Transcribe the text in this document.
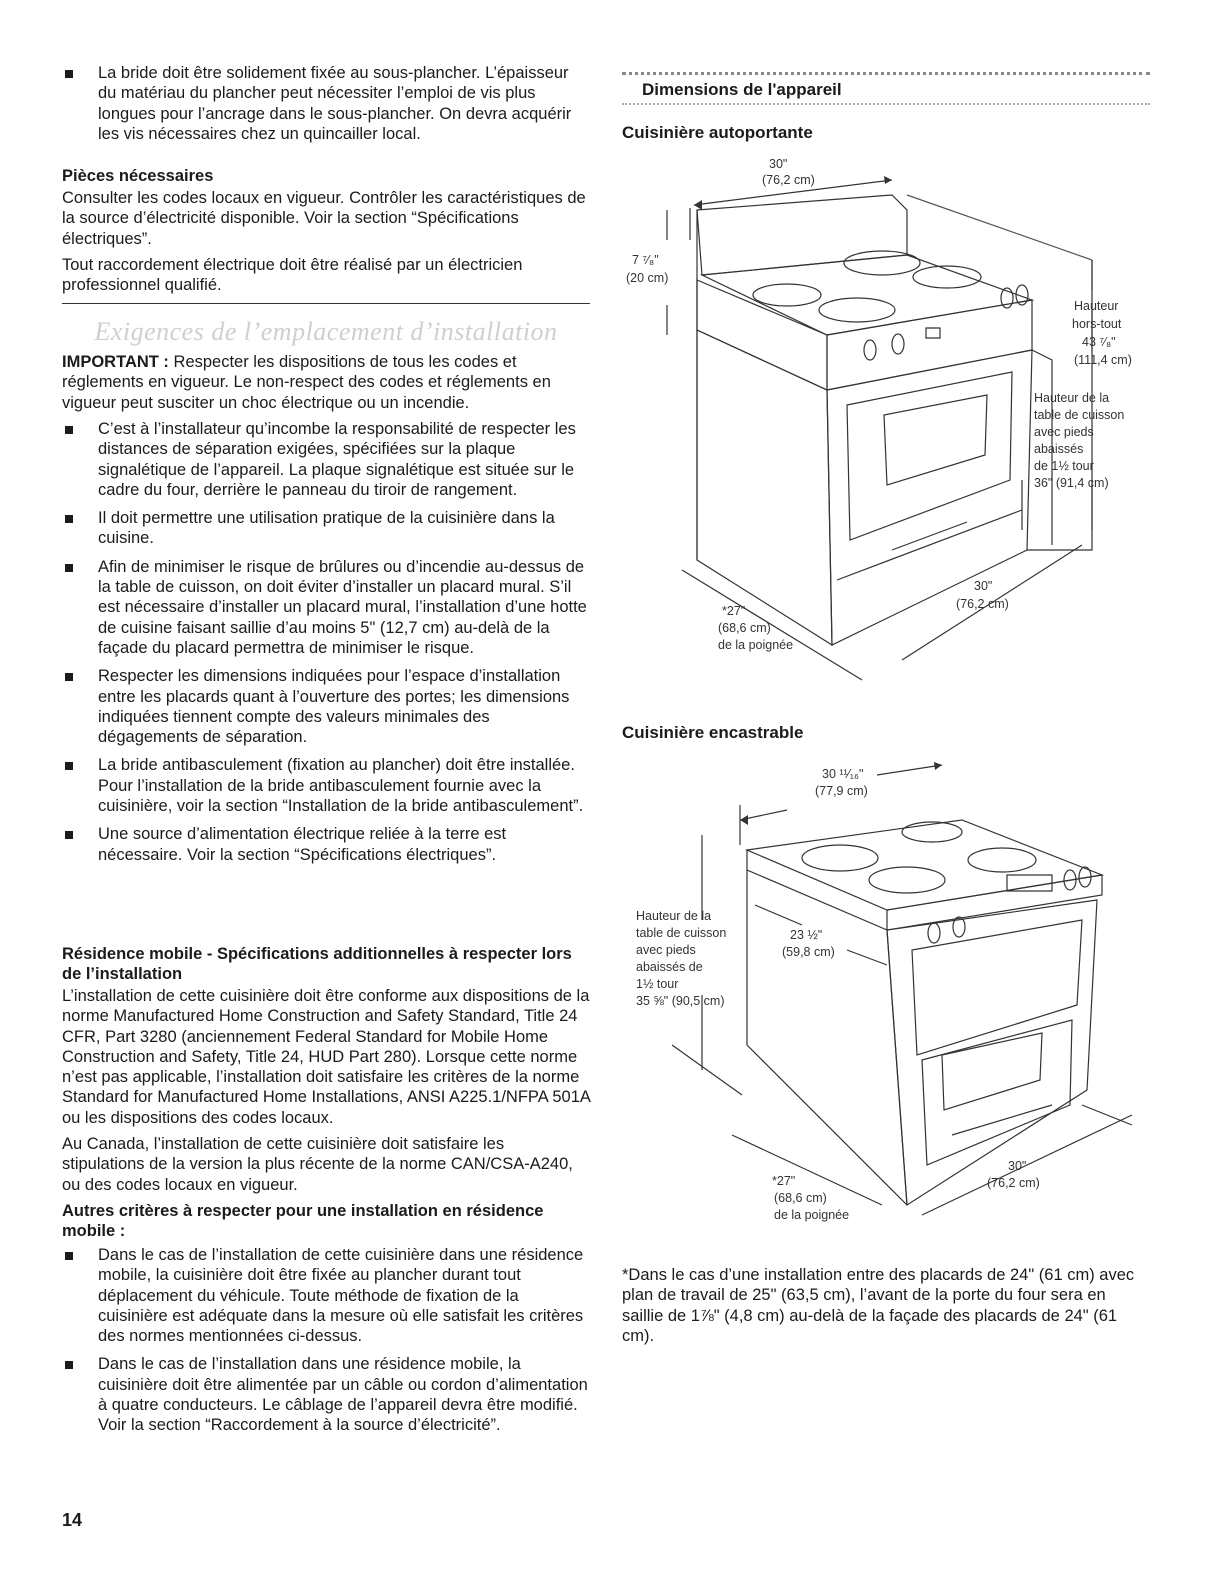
La bride doit être solidement fixée au sous-plancher. L’épaisseur du matériau du plancher peut nécessiter l’emploi de vis plus longues pour l’ancrage dans le sous-plancher. On devra acquérir les vis nécessaires chez un quincailler local.
Pièces nécessaires

Consulter les codes locaux en vigueur. Contrôler les caractéristiques de la source d’électricité disponible. Voir la section “Spécifications électriques”.

Tout raccordement électrique doit être réalisé par un électricien professionnel qualifié.

Exigences de l’emplacement d’installation

IMPORTANT : Respecter les dispositions de tous les codes et réglements en vigueur. Le non-respect des codes et réglements en vigueur peut susciter un choc électrique ou un incendie.

C’est à l’installateur qu’incombe la responsabilité de respecter les distances de séparation exigées, spécifiées sur la plaque signalétique de l’appareil. La plaque signalétique est située sur le cadre du four, derrière le panneau du tiroir de rangement.
Il doit permettre une utilisation pratique de la cuisinière dans la cuisine.
Afin de minimiser le risque de brûlures ou d’incendie au-dessus de la table de cuisson, on doit éviter d’installer un placard mural. S’il est nécessaire d’installer un placard mural, l’installation d’une hotte de cuisine faisant saillie d’au moins 5" (12,7 cm) au-delà de la façade du placard permettra de minimiser le risque.
Respecter les dimensions indiquées pour l’espace d’installation entre les placards quant à l’ouverture des portes; les dimensions indiquées tiennent compte des valeurs minimales des dégagements de séparation.
La bride antibasculement (fixation au plancher) doit être installée. Pour l’installation de la bride antibasculement fournie avec la cuisinière, voir la section “Installation de la bride antibasculement”.
Une source d’alimentation électrique reliée à la terre est nécessaire. Voir la section “Spécifications électriques”.
Résidence mobile - Spécifications additionnelles à respecter lors de l’installation

L’installation de cette cuisinière doit être conforme aux dispositions de la norme Manufactured Home Construction and Safety Standard, Title 24 CFR, Part 3280 (anciennement Federal Standard for Mobile Home Construction and Safety, Title 24, HUD Part 280). Lorsque cette norme n’est pas applicable, l’installation doit satisfaire les critères de la norme Standard for Manufactured Home Installations, ANSI A225.1/NFPA 501A ou les dispositions des codes locaux.

Au Canada, l’installation de cette cuisinière doit satisfaire les stipulations de la version la plus récente de la norme CAN/CSA-A240, ou des codes locaux en vigueur.

Autres critères à respecter pour une installation en résidence mobile :
Dans le cas de l’installation de cette cuisinière dans une résidence mobile, la cuisinière doit être fixée au plancher durant tout déplacement du véhicule. Toute méthode de fixation de la cuisinière est adéquate dans la mesure où elle satisfait les critères des normes mentionnées ci-dessus.
Dans le cas de l’installation dans une résidence mobile, la cuisinière doit être alimentée par un câble ou cordon d’alimentation à quatre conducteurs. Le câblage de l’appareil devra être modifié. Voir la section “Raccordement à la source d’électricité”.
Dimensions de l'appareil
Cuisinière autoportante
30"
(76,2 cm)
7 ⁷⁄₈"
(20 cm)
Hauteur
hors-tout
43 ⁷⁄₈"
(111,4 cm)
Hauteur de la
table de cuisson
avec pieds
abaissés
de 1½ tour
36" (91,4 cm)
*27"
(68,6 cm)
de la poignée
30"
(76,2 cm)
Cuisinière encastrable
30 ¹¹⁄₁₆"
(77,9 cm)
Hauteur de la
table de cuisson
avec pieds
abaissés de
1½ tour
35 ⅝" (90,5 cm)
23 ½"
(59,8 cm)
*27"
(68,6 cm)
de la poignée
30"
(76,2 cm)

*Dans le cas d’une installation entre des placards de 24" (61 cm) avec plan de travail de 25" (63,5 cm), l’avant de la porte du four sera en saillie de 1⅞" (4,8 cm) au-delà de la façade des placards de 24" (61 cm).

14
